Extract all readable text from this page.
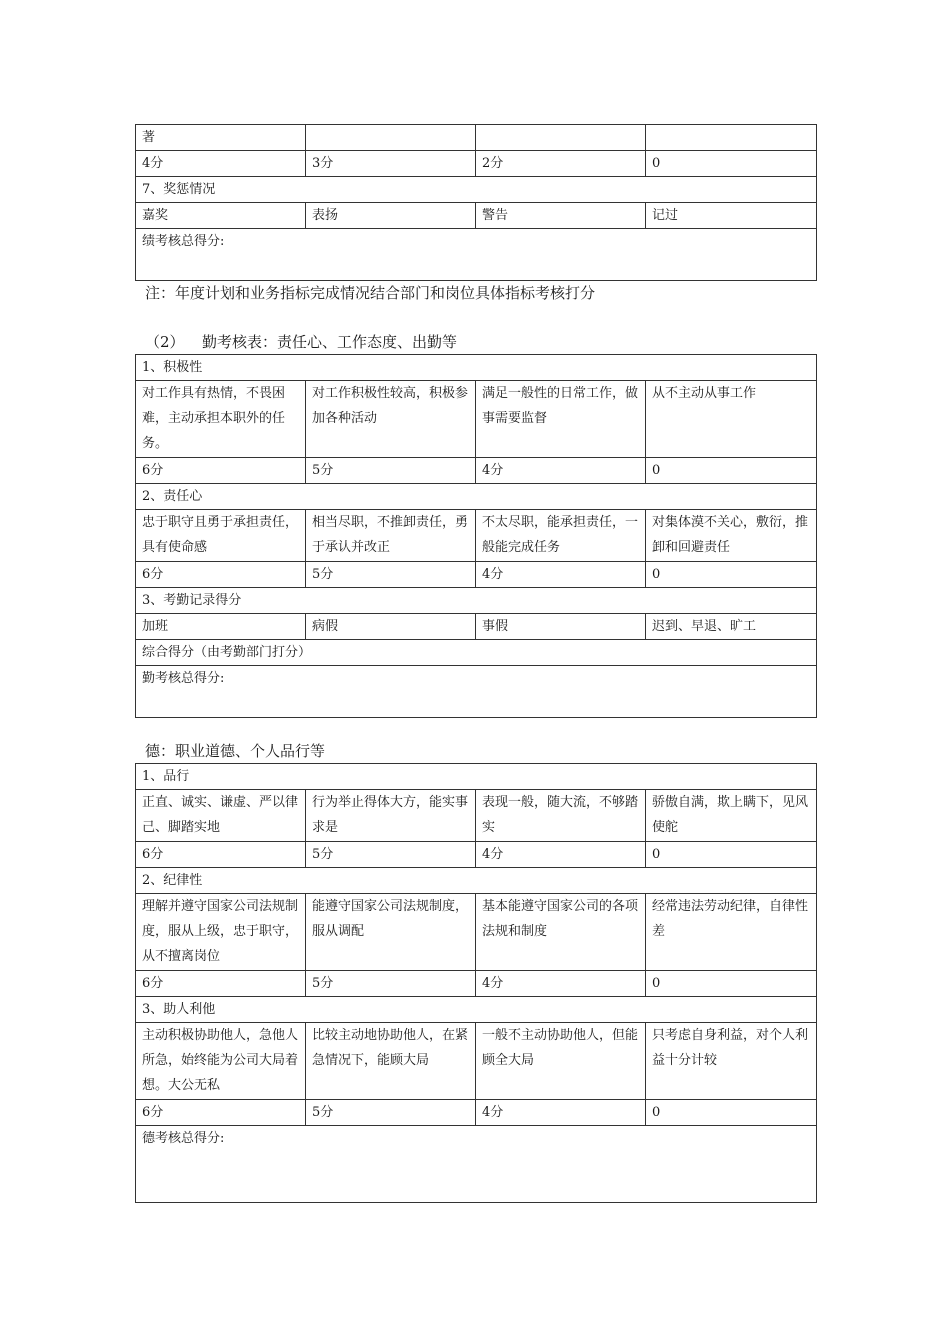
著			
4分	3分	2分	0
7、奖惩情况			
嘉奖	表扬	警告	记过
绩考核总得分:			
注：年度计划和业务指标完成情况结合部门和岗位具体指标考核打分
（2） 勤考核表：责任心、工作态度、出勤等
1、积极性			
对工作具有热情，不畏困难，主动承担本职外的任务。	对工作积极性较高，积极参加各种活动	满足一般性的日常工作，做事需要监督	从不主动从事工作
6分	5分	4分	0
2、责任心			
忠于职守且勇于承担责任，具有使命感	相当尽职，不推卸责任，勇于承认并改正	不太尽职，能承担责任，一般能完成任务	对集体漠不关心，敷衍，推卸和回避责任
6分	5分	4分	0
3、考勤记录得分			
加班	病假	事假	迟到、早退、旷工
综合得分（由考勤部门打分）			
勤考核总得分:			
德：职业道德、个人品行等
1、品行			
正直、诚实、谦虚、严以律己、脚踏实地	行为举止得体大方，能实事求是	表现一般，随大流，不够踏实	骄傲自满，欺上瞒下，见风使舵
6分	5分	4分	0
2、纪律性			
理解并遵守国家公司法规制度，服从上级，忠于职守，从不擅离岗位	能遵守国家公司法规制度，服从调配	基本能遵守国家公司的各项法规和制度	经常违法劳动纪律，自律性差
6分	5分	4分	0
3、助人利他			
主动积极协助他人，急他人所急，始终能为公司大局着想。大公无私	比较主动地协助他人，在紧急情况下，能顾大局	一般不主动协助他人，但能顾全大局	只考虑自身利益，对个人利益十分计较
6分	5分	4分	0
德考核总得分:			
